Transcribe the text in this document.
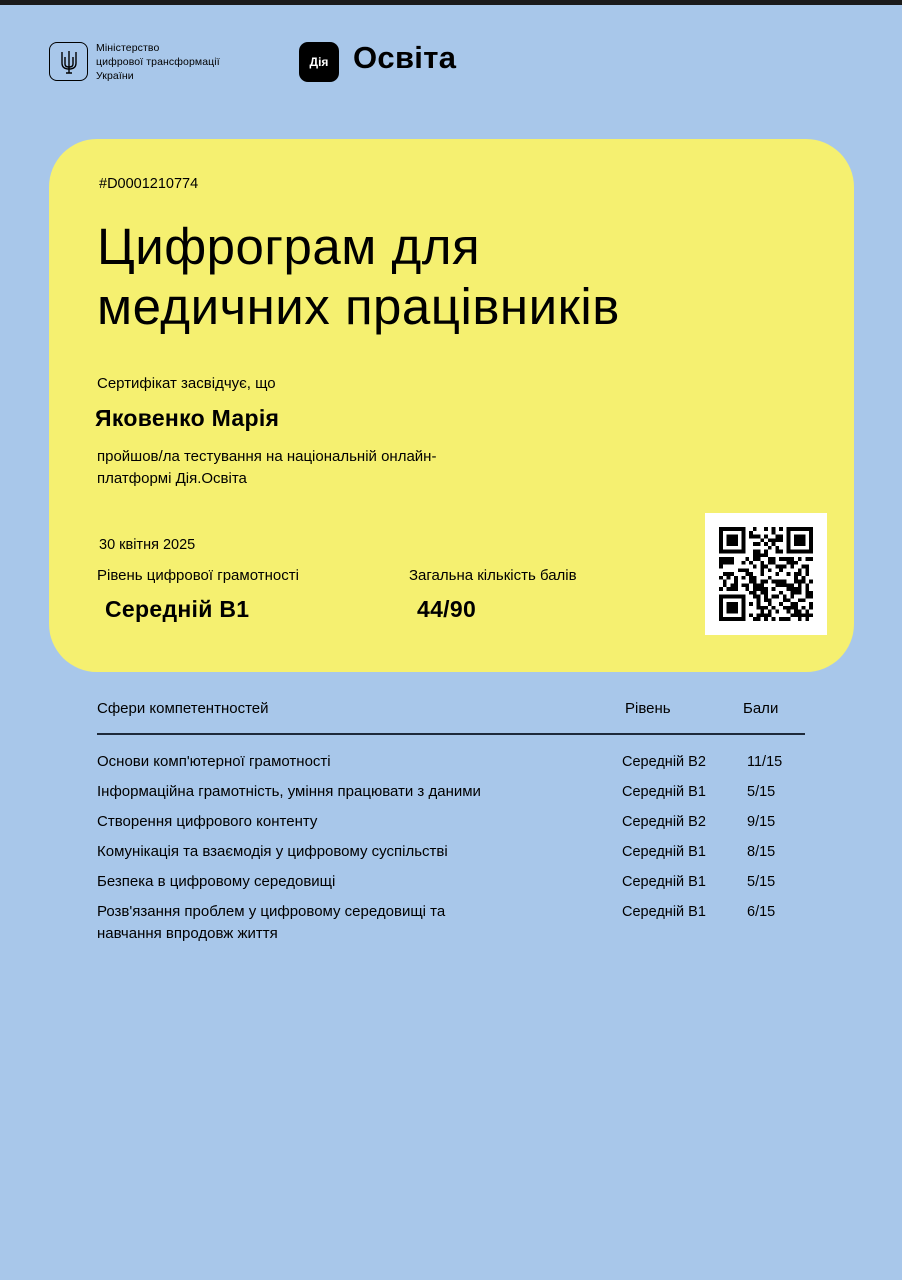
Міністерство
цифрової трансформації
України
Дія Освіта
#D0001210774
Цифрограм для
медичних працівників
Сертифікат засвідчує, що
Яковенко Марія
пройшов/ла тестування на національній онлайн-
платформі Дія.Освіта
30 квітня 2025
Рівень цифрової грамотності	Загальна кількість балів
Середній B1	44/90
Сфери компетентностей	Рівень	Бали
Основи комп'ютерної грамотності	Середній B2	11/15
Інформаційна грамотність, уміння працювати з даними	Середній B1	5/15
Створення цифрового контенту	Середній B2	9/15
Комунікація та взаємодія у цифровому суспільстві	Середній B1	8/15
Безпека в цифровому середовищі	Середній B1	5/15
Розв'язання проблем у цифровому середовищі та
навчання впродовж життя
Середній B1	6/15
